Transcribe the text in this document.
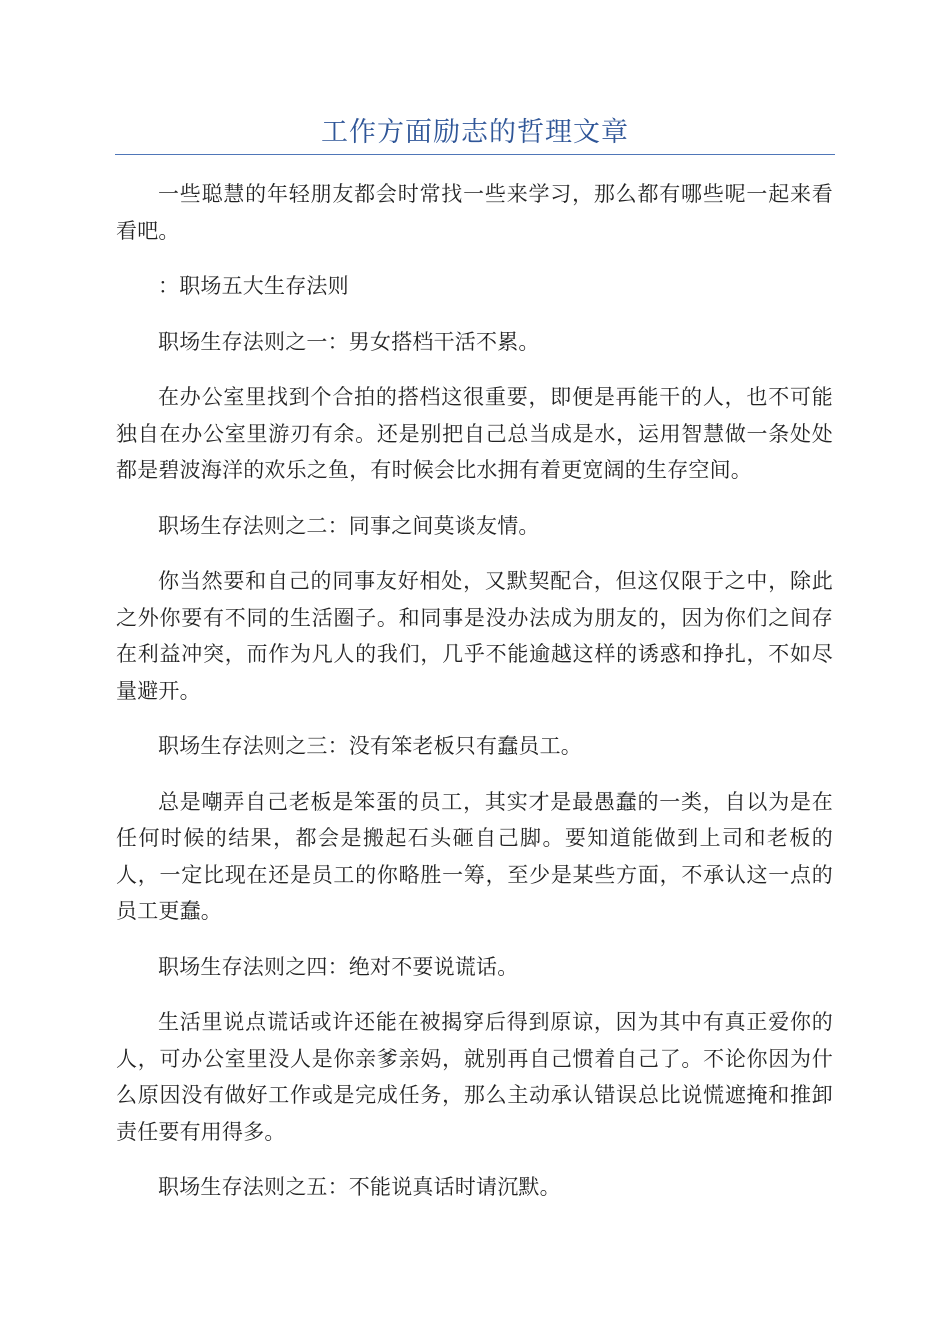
工作方面励志的哲理文章

一些聪慧的年轻朋友都会时常找一些来学习，那么都有哪些呢一起来看看吧。

：职场五大生存法则

职场生存法则之一：男女搭档干活不累。

在办公室里找到个合拍的搭档这很重要，即便是再能干的人，也不可能独自在办公室里游刃有余。还是别把自己总当成是水，运用智慧做一条处处都是碧波海洋的欢乐之鱼，有时候会比水拥有着更宽阔的生存空间。

职场生存法则之二：同事之间莫谈友情。

你当然要和自己的同事友好相处，又默契配合，但这仅限于之中，除此之外你要有不同的生活圈子。和同事是没办法成为朋友的，因为你们之间存在利益冲突，而作为凡人的我们，几乎不能逾越这样的诱惑和挣扎，不如尽量避开。

职场生存法则之三：没有笨老板只有蠢员工。

总是嘲弄自己老板是笨蛋的员工，其实才是最愚蠢的一类，自以为是在任何时候的结果，都会是搬起石头砸自己脚。要知道能做到上司和老板的人，一定比现在还是员工的你略胜一筹，至少是某些方面，不承认这一点的员工更蠢。

职场生存法则之四：绝对不要说谎话。

生活里说点谎话或许还能在被揭穿后得到原谅，因为其中有真正爱你的人，可办公室里没人是你亲爹亲妈，就别再自己惯着自己了。不论你因为什么原因没有做好工作或是完成任务，那么主动承认错误总比说慌遮掩和推卸责任要有用得多。

职场生存法则之五：不能说真话时请沉默。
